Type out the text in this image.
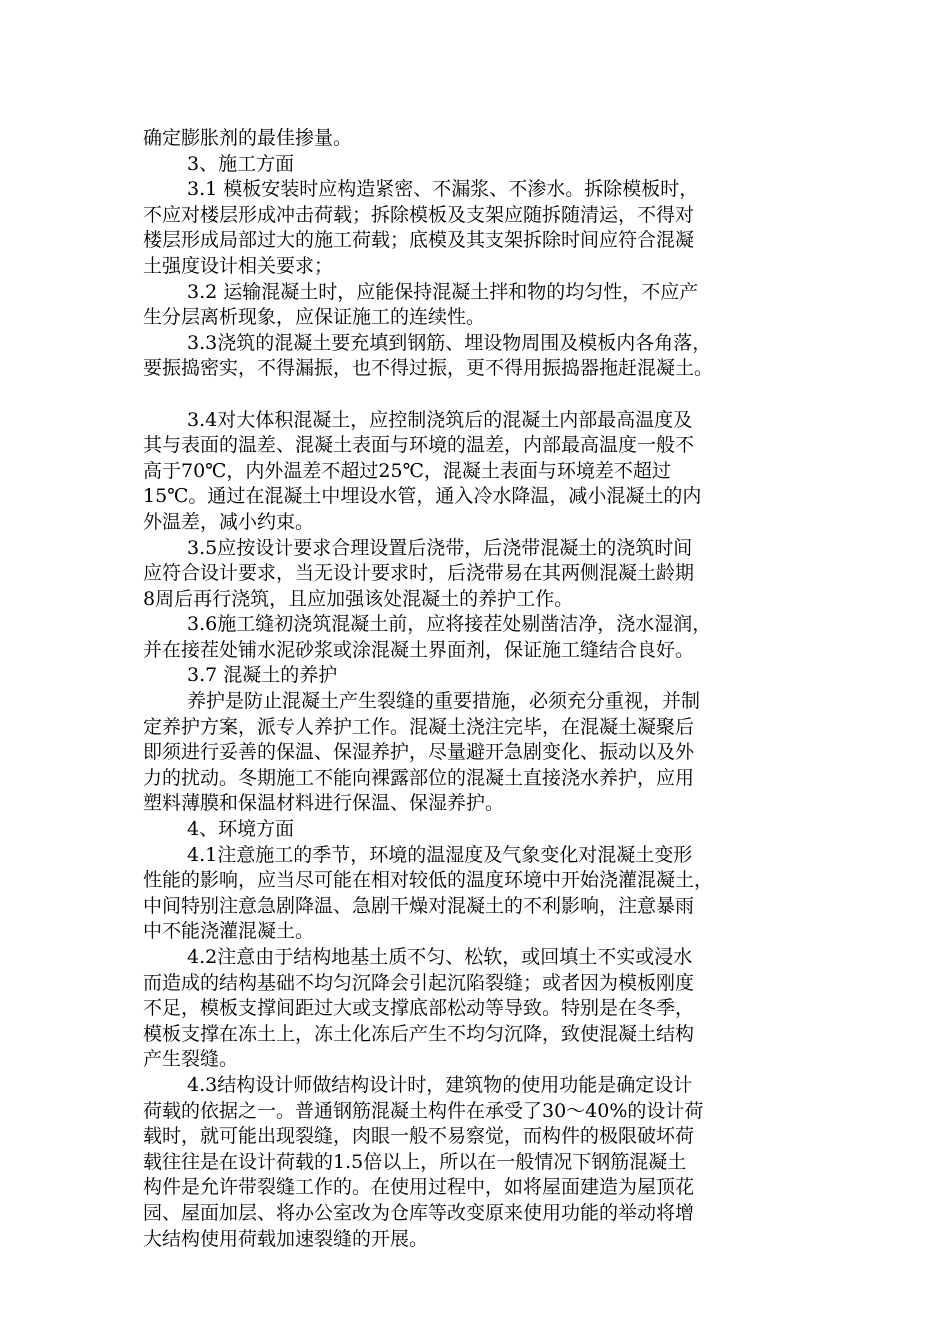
确定膨胀剂的最佳掺量。
3、施工方面
3.1 模板安装时应构造紧密、不漏浆、不渗水。拆除模板时，
不应对楼层形成冲击荷载；拆除模板及支架应随拆随清运，不得对
楼层形成局部过大的施工荷载；底模及其支架拆除时间应符合混凝
土强度设计相关要求；
3.2 运输混凝土时，应能保持混凝土拌和物的均匀性，不应产
生分层离析现象，应保证施工的连续性。
3.3浇筑的混凝土要充填到钢筋、埋设物周围及模板内各角落，
要振捣密实，不得漏振，也不得过振，更不得用振捣器拖赶混凝土。
3.4对大体积混凝土，应控制浇筑后的混凝土内部最高温度及
其与表面的温差、混凝土表面与环境的温差，内部最高温度一般不
高于70℃，内外温差不超过25℃，混凝土表面与环境差不超过
15℃。通过在混凝土中埋设水管，通入冷水降温，减小混凝土的内
外温差，减小约束。
3.5应按设计要求合理设置后浇带，后浇带混凝土的浇筑时间
应符合设计要求，当无设计要求时，后浇带易在其两侧混凝土龄期
8周后再行浇筑，且应加强该处混凝土的养护工作。
3.6施工缝初浇筑混凝土前，应将接茬处剔凿洁净，浇水湿润，
并在接茬处铺水泥砂浆或涂混凝土界面剂，保证施工缝结合良好。
3.7 混凝土的养护
养护是防止混凝土产生裂缝的重要措施，必须充分重视，并制
定养护方案，派专人养护工作。混凝土浇注完毕，在混凝土凝聚后
即须进行妥善的保温、保湿养护，尽量避开急剧变化、振动以及外
力的扰动。冬期施工不能向裸露部位的混凝土直接浇水养护，应用
塑料薄膜和保温材料进行保温、保湿养护。
4、环境方面
4.1注意施工的季节，环境的温湿度及气象变化对混凝土变形
性能的影响，应当尽可能在相对较低的温度环境中开始浇灌混凝土，
中间特别注意急剧降温、急剧干燥对混凝土的不利影响，注意暴雨
中不能浇灌混凝土。
4.2注意由于结构地基土质不匀、松软，或回填土不实或浸水
而造成的结构基础不均匀沉降会引起沉陷裂缝；或者因为模板刚度
不足，模板支撑间距过大或支撑底部松动等导致。特别是在冬季，
模板支撑在冻土上，冻土化冻后产生不均匀沉降，致使混凝土结构
产生裂缝。
4.3结构设计师做结构设计时，建筑物的使用功能是确定设计
荷载的依据之一。普通钢筋混凝土构件在承受了30～40%的设计荷
载时，就可能出现裂缝，肉眼一般不易察觉，而构件的极限破坏荷
载往往是在设计荷载的1.5倍以上，所以在一般情况下钢筋混凝土
构件是允许带裂缝工作的。在使用过程中，如将屋面建造为屋顶花
园、屋面加层、将办公室改为仓库等改变原来使用功能的举动将增
大结构使用荷载加速裂缝的开展。
